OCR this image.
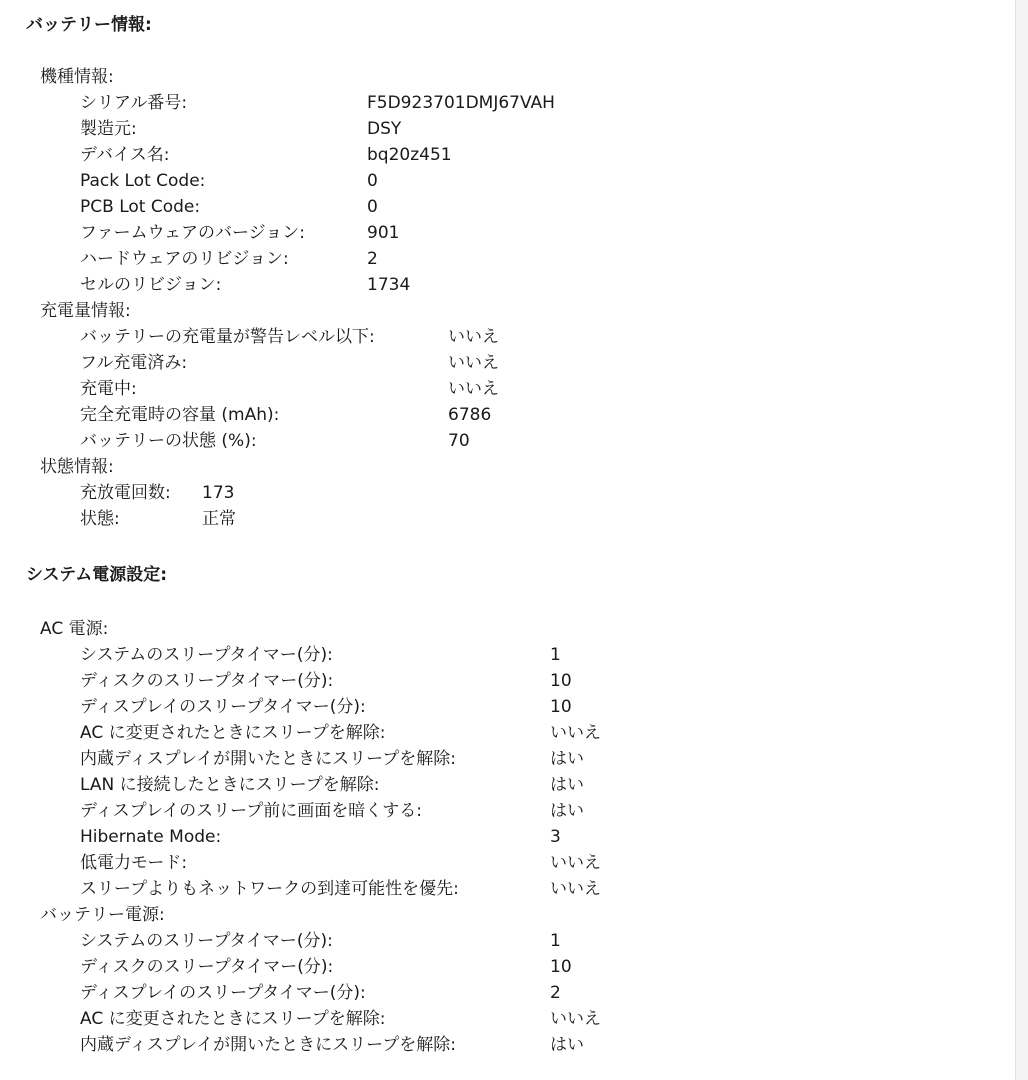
バッテリー情報:
機種情報:
シリアル番号:	F5D923701DMJ67VAH
製造元:	DSY
デバイス名:	bq20z451
Pack Lot Code:	0
PCB Lot Code:	0
ファームウェアのバージョン:	901
ハードウェアのリビジョン:	2
セルのリビジョン:	1734
充電量情報:
バッテリーの充電量が警告レベル以下:	いいえ
フル充電済み:	いいえ
充電中:	いいえ
完全充電時の容量 (mAh):	6786
バッテリーの状態 (%):	70
状態情報:
充放電回数: 173
状態:	正常
システム電源設定:
AC 電源:
システムのスリープタイマー(分):	1
ディスクのスリープタイマー(分):	10
ディスプレイのスリープタイマー(分):	10
AC に変更されたときにスリープを解除:	いいえ
内蔵ディスプレイが開いたときにスリープを解除:	はい
LAN に接続したときにスリープを解除:	はい
ディスプレイのスリープ前に画面を暗くする:	はい
Hibernate Mode:	3
低電力モード:	いいえ
スリープよりもネットワークの到達可能性を優先:	いいえ
バッテリー電源:
システムのスリープタイマー(分):	1
ディスクのスリープタイマー(分):	10
ディスプレイのスリープタイマー(分):	2
AC に変更されたときにスリープを解除:	いいえ
内蔵ディスプレイが開いたときにスリープを解除:	はい
